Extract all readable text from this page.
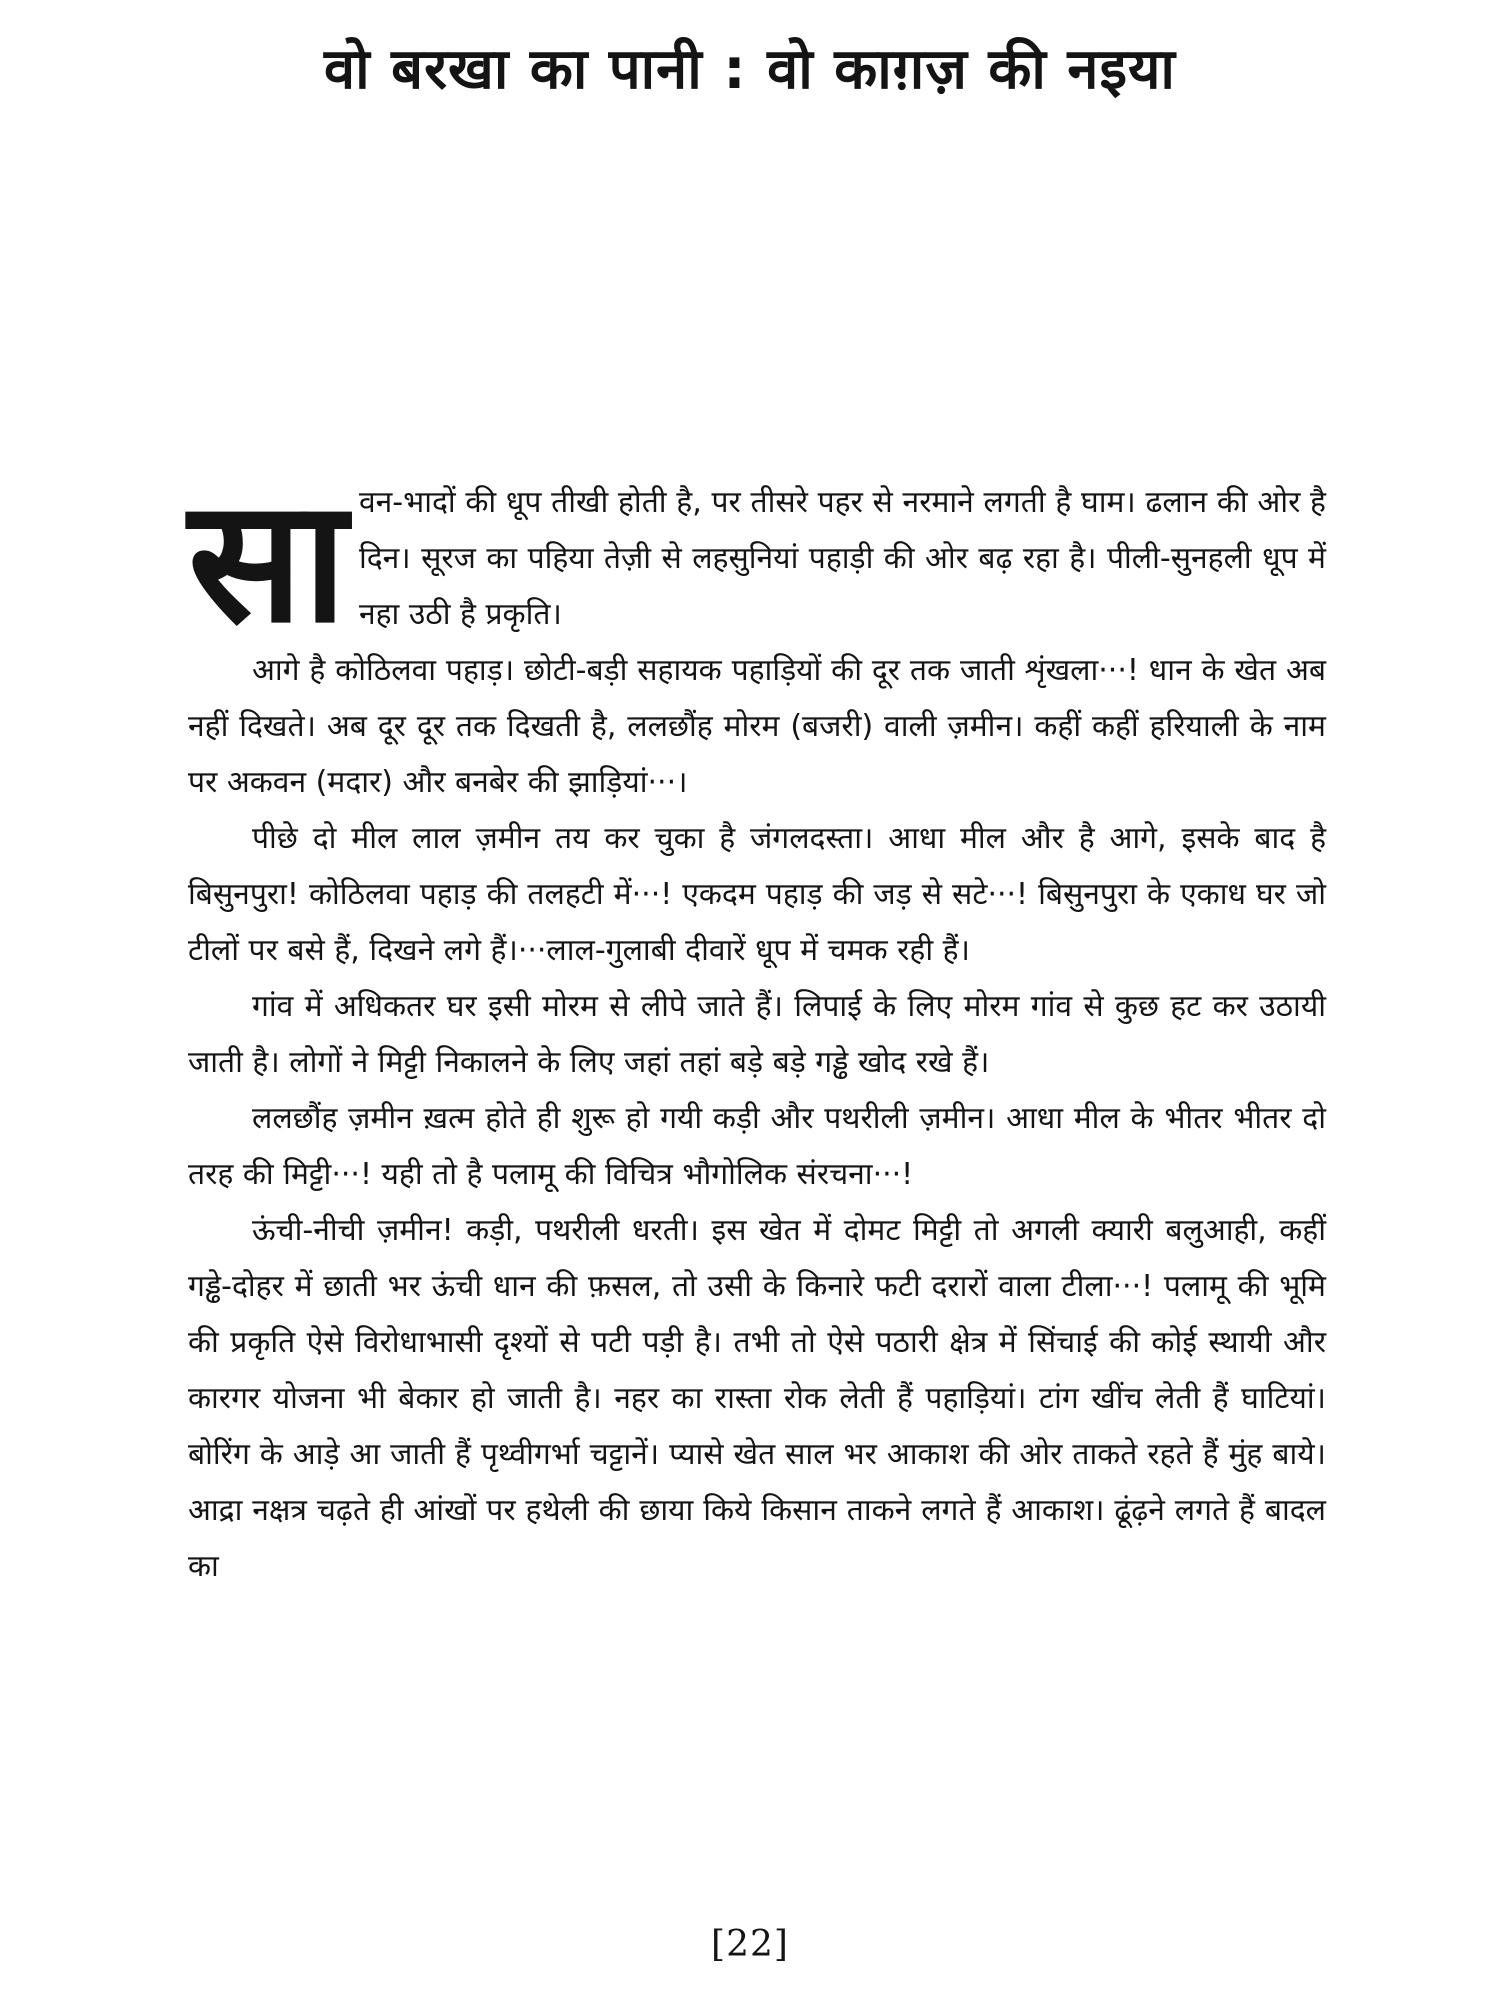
वो बरखा का पानी : वो काग़ज़ की नइया

सावन-भादों की धूप तीखी होती है, पर तीसरे पहर से नरमाने लगती है घाम। ढलान की ओर है दिन। सूरज का पहिया तेज़ी से लहसुनियां पहाड़ी की ओर बढ़ रहा है। पीली-सुनहली धूप में नहा उठी है प्रकृति।

आगे है कोठिलवा पहाड़। छोटी-बड़ी सहायक पहाड़ियों की दूर तक जाती शृंखला···! धान के खेत अब नहीं दिखते। अब दूर दूर तक दिखती है, ललछौंह मोरम (बजरी) वाली ज़मीन। कहीं कहीं हरियाली के नाम पर अकवन (मदार) और बनबेर की झाड़ियां···।

पीछे दो मील लाल ज़मीन तय कर चुका है जंगलदस्ता। आधा मील और है आगे, इसके बाद है बिसुनपुरा! कोठिलवा पहाड़ की तलहटी में···! एकदम पहाड़ की जड़ से सटे···! बिसुनपुरा के एकाध घर जो टीलों पर बसे हैं, दिखने लगे हैं।···लाल-गुलाबी दीवारें धूप में चमक रही हैं।

गांव में अधिकतर घर इसी मोरम से लीपे जाते हैं। लिपाई के लिए मोरम गांव से कुछ हट कर उठायी जाती है। लोगों ने मिट्टी निकालने के लिए जहां तहां बड़े बड़े गड्ढे खोद रखे हैं।

ललछौंह ज़मीन ख़त्म होते ही शुरू हो गयी कड़ी और पथरीली ज़मीन। आधा मील के भीतर भीतर दो तरह की मिट्टी···! यही तो है पलामू की विचित्र भौगोलिक संरचना···!

ऊंची-नीची ज़मीन! कड़ी, पथरीली धरती। इस खेत में दोमट मिट्टी तो अगली क्यारी बलुआही, कहीं गड्ढे-दोहर में छाती भर ऊंची धान की फ़सल, तो उसी के किनारे फटी दरारों वाला टीला···! पलामू की भूमि की प्रकृति ऐसे विरोधाभासी दृश्यों से पटी पड़ी है। तभी तो ऐसे पठारी क्षेत्र में सिंचाई की कोई स्थायी और कारगर योजना भी बेकार हो जाती है। नहर का रास्ता रोक लेती हैं पहाड़ियां। टांग खींच लेती हैं घाटियां। बोरिंग के आड़े आ जाती हैं पृथ्वीगर्भा चट्टानें। प्यासे खेत साल भर आकाश की ओर ताकते रहते हैं मुंह बाये। आद्रा नक्षत्र चढ़ते ही आंखों पर हथेली की छाया किये किसान ताकने लगते हैं आकाश। ढूंढ़ने लगते हैं बादल का

[22]
